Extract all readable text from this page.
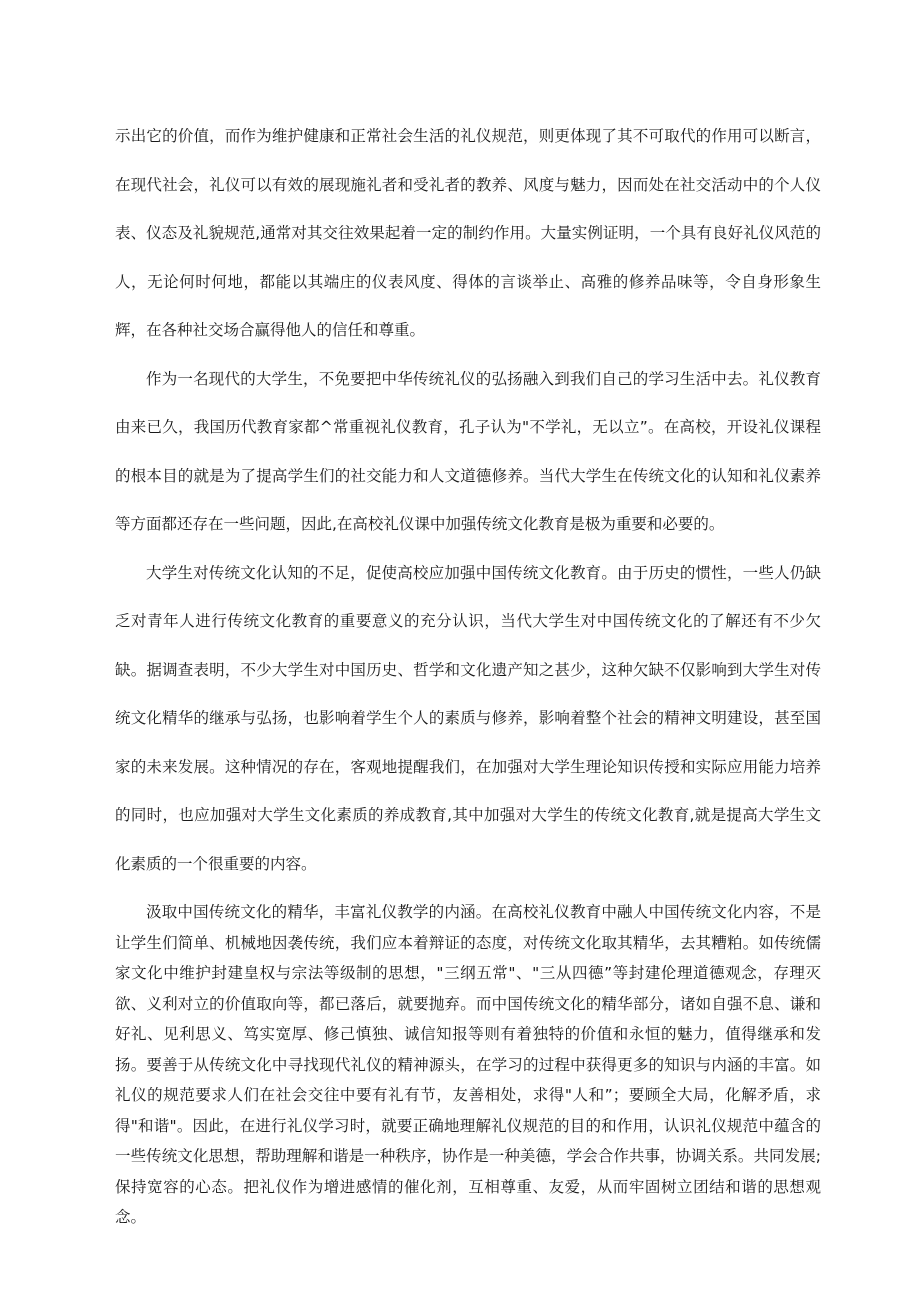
示出它的价值，而作为维护健康和正常社会生活的礼仪规范，则更体现了其不可取代的作用可以断言，在现代社会，礼仪可以有效的展现施礼者和受礼者的教养、风度与魅力，因而处在社交活动中的个人仪表、仪态及礼貌规范,通常对其交往效果起着一定的制约作用。大量实例证明，一个具有良好礼仪风范的人，无论何时何地，都能以其端庄的仪表风度、得体的言谈举止、高雅的修养品味等，令自身形象生辉，在各种社交场合赢得他人的信任和尊重。

作为一名现代的大学生，不免要把中华传统礼仪的弘扬融入到我们自己的学习生活中去。礼仪教育由来已久，我国历代教育家都^常重视礼仪教育，孔子认为"不学礼，无以立”。在高校，开设礼仪课程的根本目的就是为了提高学生们的社交能力和人文道德修养。当代大学生在传统文化的认知和礼仪素养等方面都还存在一些问题，因此,在高校礼仪课中加强传统文化教育是极为重要和必要的。

大学生对传统文化认知的不足，促使高校应加强中国传统文化教育。由于历史的惯性，一些人仍缺乏对青年人进行传统文化教育的重要意义的充分认识，当代大学生对中国传统文化的了解还有不少欠缺。据调查表明，不少大学生对中国历史、哲学和文化遗产知之甚少，这种欠缺不仅影响到大学生对传统文化精华的继承与弘扬，也影响着学生个人的素质与修养，影响着整个社会的精神文明建设，甚至国家的未来发展。这种情况的存在，客观地提醒我们，在加强对大学生理论知识传授和实际应用能力培养的同时，也应加强对大学生文化素质的养成教育,其中加强对大学生的传统文化教育,就是提高大学生文化素质的一个很重要的内容。

汲取中国传统文化的精华，丰富礼仪教学的内涵。在高校礼仪教育中融人中国传统文化内容，不是让学生们简单、机械地因袭传统，我们应本着辩证的态度，对传统文化取其精华，去其糟粕。如传统儒家文化中维护封建皇权与宗法等级制的思想，"三纲五常"、"三从四德”等封建伦理道德观念，存理灭欲、义利对立的价值取向等，都已落后，就要抛弃。而中国传统文化的精华部分，诸如自强不息、谦和好礼、见利思义、笃实宽厚、修己慎独、诚信知报等则有着独特的价值和永恒的魅力，值得继承和发扬。要善于从传统文化中寻找现代礼仪的精神源头，在学习的过程中获得更多的知识与内涵的丰富。如礼仪的规范要求人们在社会交往中要有礼有节，友善相处，求得"人和”；要顾全大局，化解矛盾，求得"和谐"。因此，在进行礼仪学习时，就要正确地理解礼仪规范的目的和作用，认识礼仪规范中蕴含的一些传统文化思想，帮助理解和谐是一种秩序，协作是一种美德，学会合作共事，协调关系。共同发展;保持宽容的心态。把礼仪作为增进感情的催化剂，互相尊重、友爱，从而牢固树立团结和谐的思想观念。
